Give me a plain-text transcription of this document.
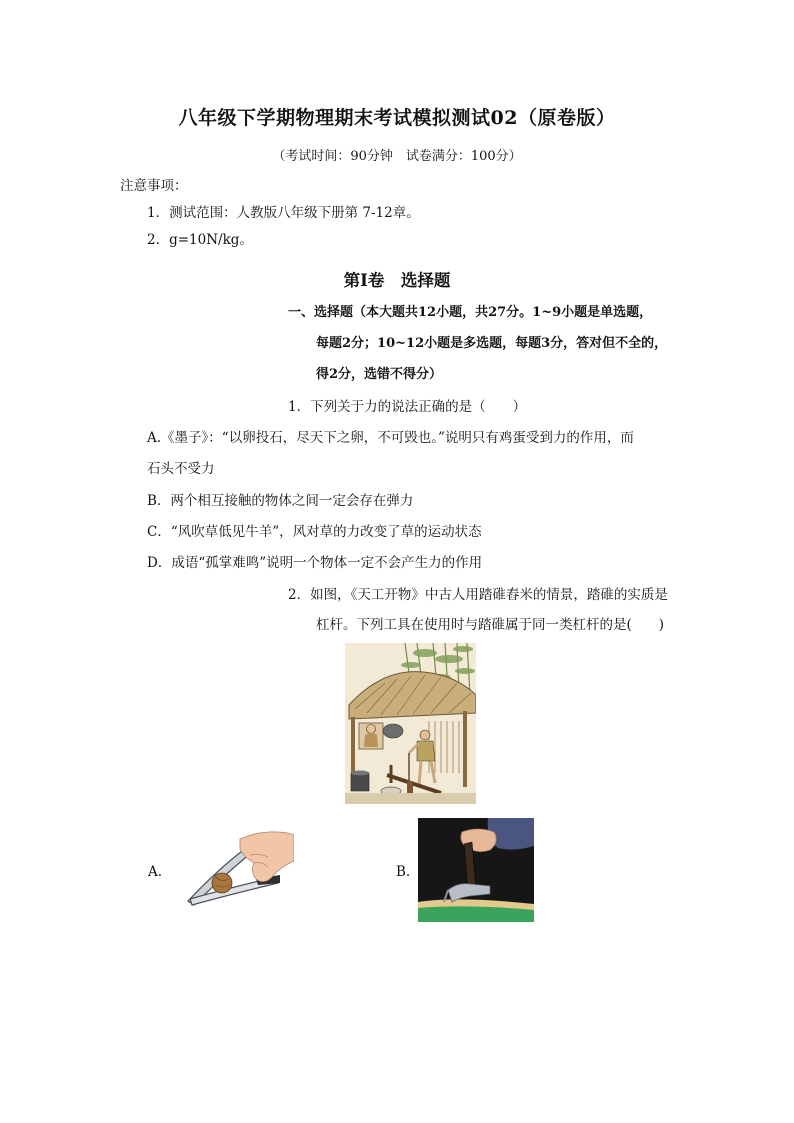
八年级下学期物理期末考试模拟测试02（原卷版）
（考试时间：90分钟　试卷满分：100分）
注意事项：
1．测试范围：人教版八年级下册第 7-12章。
2．g=10N/kg。
第Ⅰ卷　选择题
一、选择题（本大题共12小题，共27分。1~9小题是单选题，
每题2分；10~12小题是多选题，每题3分，答对但不全的，
得2分，选错不得分）
1．下列关于力的说法正确的是（　　）
A.《墨子》：“以卵投石，尽天下之卵，不可毁也。”说明只有鸡蛋受到力的作用，而
石头不受力
B．两个相互接触的物体之间一定会存在弹力
C．“风吹草低见牛羊”，风对草的力改变了草的运动状态
D．成语“孤掌难鸣”说明一个物体一定不会产生力的作用
2．如图，《天工开物》中古人用踏碓舂米的情景，踏碓的实质是
杠杆。下列工具在使用时与踏碓属于同一类杠杆的是(　　)
A.	B.
